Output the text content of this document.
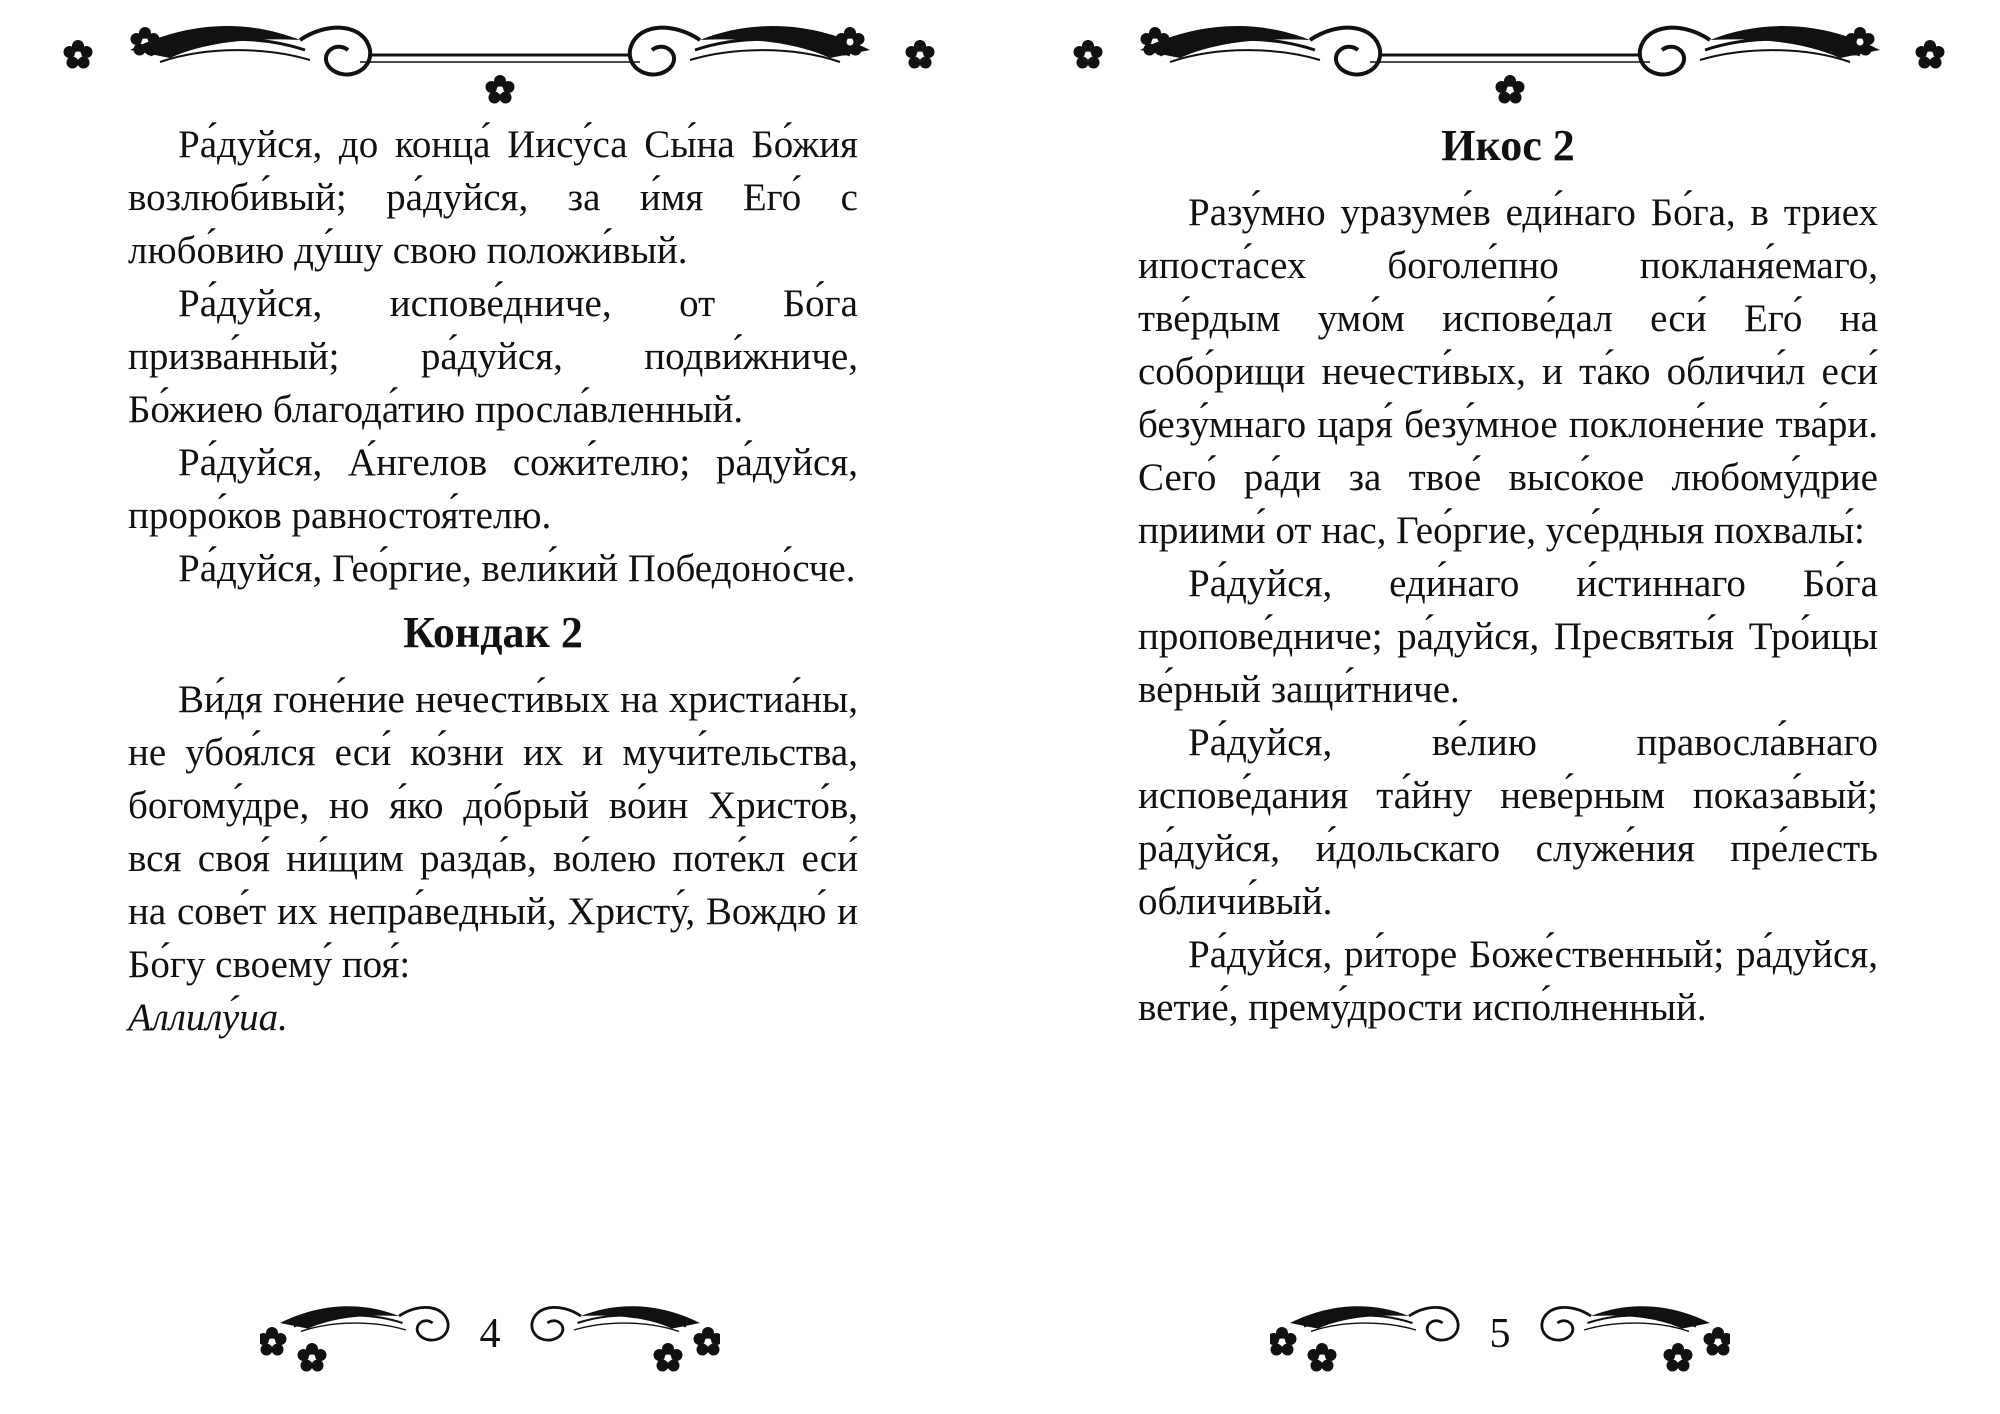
Ра́дуйся, до конца́ Иису́са Сы́на Бо́жия возлюби́вый; ра́дуйся, за и́мя Его́ с любо́вию ду́шу свою положи́вый.

Ра́дуйся, испове́дниче, от Бо́га призва́нный; ра́дуйся, подви́жниче, Бо́жиею благода́тию просла́вленный.

Ра́дуйся, А́нгелов сожи́телю; ра́дуйся, проро́ков равностоя́телю.

Ра́дуйся, Гео́ргие, вели́кий Победоно́сче.

Кондак 2

Ви́дя гоне́ние нечести́вых на христиа́ны, не убоя́лся еси́ ко́зни их и мучи́тельства, богому́дре, но я́ко до́брый во́ин Христо́в, вся своя́ ни́щим разда́в, во́лею поте́кл еси́ на сове́т их непра́ведный, Христу́, Вождю́ и Бо́гу своему́ поя́:

Аллилу́иа.
4
Икос 2

Разу́мно уразуме́в еди́наго Бо́га, в триех ипоста́сех боголе́пно покланя́емаго, тве́рдым умо́м испове́дал еси́ Его́ на собо́рищи нечести́вых, и та́ко обличи́л еси́ безу́мнаго царя́ безу́мное поклоне́ние тва́ри. Сего́ ра́ди за твое́ высо́кое любому́дрие приими́ от нас, Гео́ргие, усе́рдныя похвалы́:

Ра́дуйся, еди́наго и́стиннаго Бо́га пропове́дниче; ра́дуйся, Пресвяты́я Тро́ицы ве́рный защи́тниче.

Ра́дуйся, ве́лию правосла́внаго испове́дания та́йну неве́рным показа́вый; ра́дуйся, и́дольскаго служе́ния пре́лесть обличи́вый.

Ра́дуйся, ри́торе Боже́ственный; ра́дуйся, ветие́, прему́дрости испо́лненный.

5
